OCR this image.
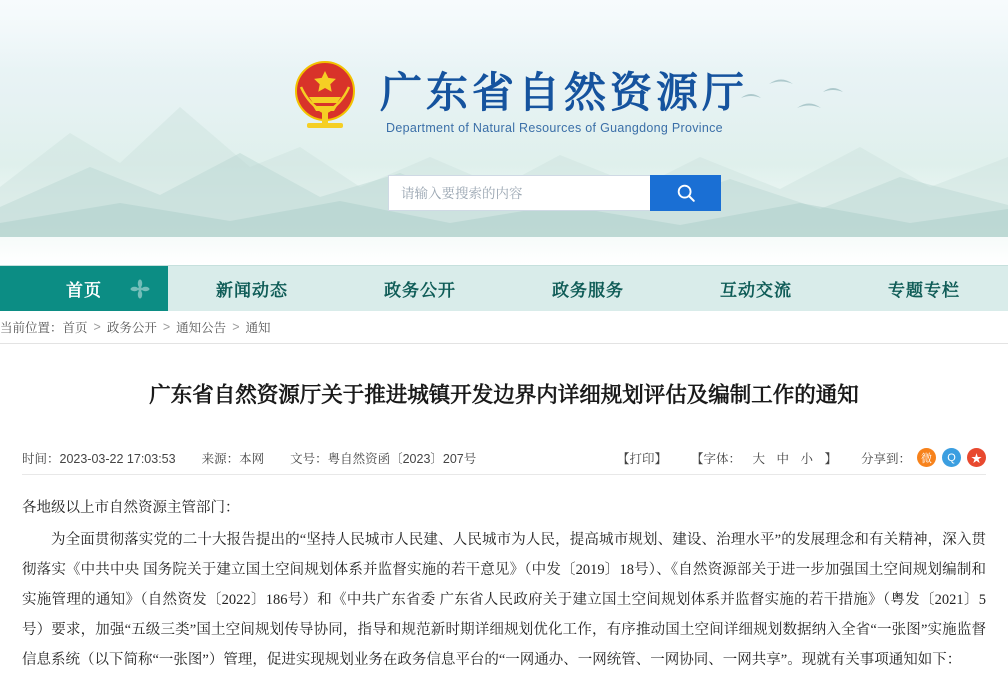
广东省自然资源厅
Department of Natural Resources of Guangdong Province
请输入要搜索的内容
首页	新闻动态	政务公开	政务服务	互动交流	专题专栏
当前位置： 首页 > 政务公开 > 通知公告 > 通知
广东省自然资源厅关于推进城镇开发边界内详细规划评估及编制工作的通知
时间：2023-03-22 17:03:53 来源：本网 文号：粤自然资函〔2023〕207号	【打印】	【字体： 大 中 小 】	分享到： 微	Q	★

各地级以上市自然资源主管部门：

为全面贯彻落实党的二十大报告提出的“坚持人民城市人民建、人民城市为人民，提高城市规划、建设、治理水平”的发展理念和有关精神，深入贯彻落实《中共中央 国务院关于建立国土空间规划体系并监督实施的若干意见》（中发〔2019〕18号）、《自然资源部关于进一步加强国土空间规划编制和实施管理的通知》（自然资发〔2022〕186号）和《中共广东省委 广东省人民政府关于建立国土空间规划体系并监督实施的若干措施》（粤发〔2021〕5号）要求，加强“五级三类”国土空间规划传导协同，指导和规范新时期详细规划优化工作，有序推动国土空间详细规划数据纳入全省“一张图”实施监督信息系统（以下简称“一张图”）管理，促进实现规划业务在政务信息平台的“一网通办、一网统管、一网协同、一网共享”。现就有关事项通知如下：
